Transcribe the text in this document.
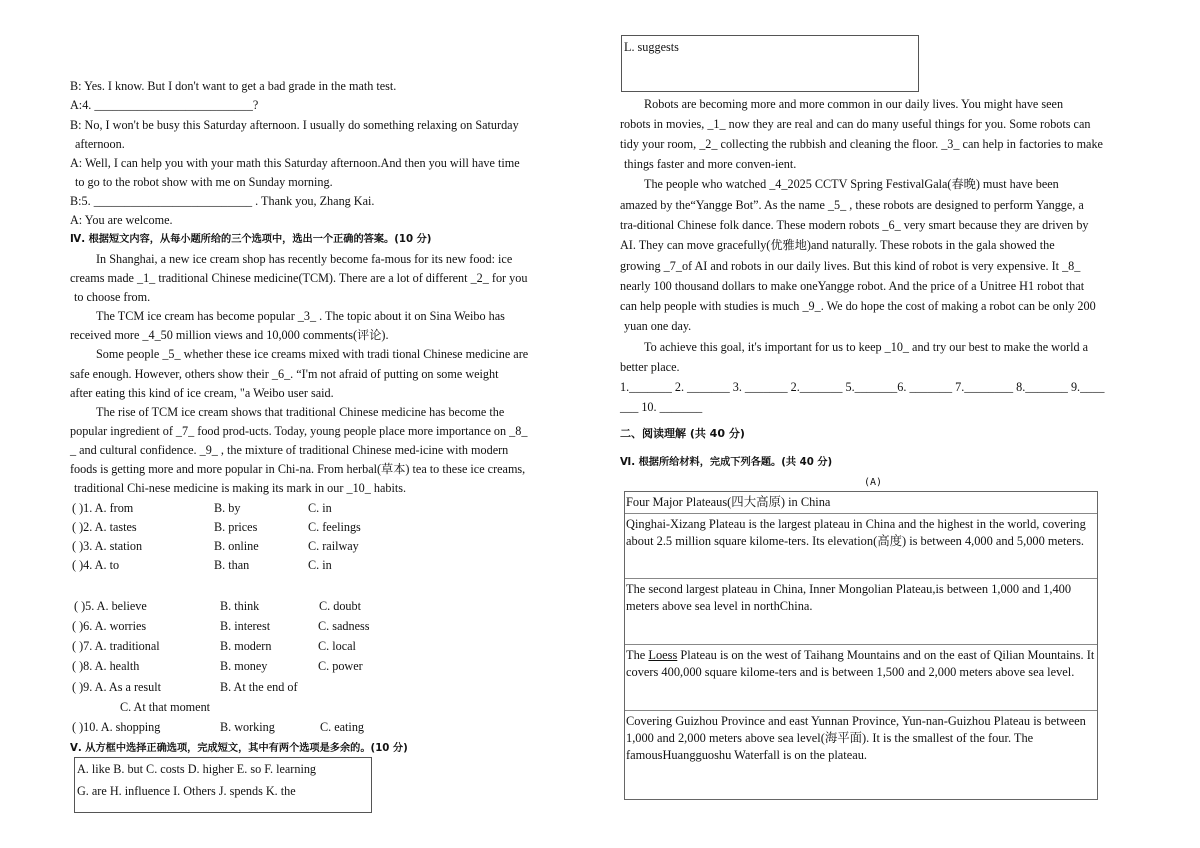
B: Yes. I know. But I don't want to get a bad grade in the math test.
A:4. __________________________?
B: No, I won't be busy this Saturday afternoon. I usually do something relaxing on Saturday
afternoon.
A: Well, I can help you with your math this Saturday afternoon.And then you will have time
to go to the robot show with me on Sunday morning.
B:5. __________________________ . Thank you, Zhang Kai.
A: You are welcome.
Ⅳ. 根据短文内容，从每小题所给的三个选项中，选出一个正确的答案。(10 分)
In Shanghai, a new ice cream shop has recently become fa-mous for its new food: ice
creams made _1_ traditional Chinese medicine(TCM). There are a lot of different _2_ for you
to choose from.
The TCM ice cream has become popular _3_ . The topic about it on Sina Weibo has
received more _4_50 million views and 10,000 comments(评论).
Some people _5_ whether these ice creams mixed with tradi tional Chinese medicine are
safe enough. However, others show their _6_. “I'm not afraid of putting on some weight
after eating this kind of ice cream, "a Weibo user said.
The rise of TCM ice cream shows that traditional Chinese medicine has become the
popular ingredient of _7_ food prod-ucts. Today, young people place more importance on _8_
_ and cultural confidence. _9_ , the mixture of traditional Chinese med-icine with modern
foods is getting more and more popular in Chi-na. From herbal(草本) tea to these ice creams,
traditional Chi-nese medicine is making its mark in our _10_ habits.
( )1. A. from	B. by	C. in
( )2. A. tastes	B. prices	C. feelings
( )3. A. station	B. online	C. railway
( )4. A. to	B. than	C. in
( )5. A. believe	B. think	C. doubt
( )6. A. worries	B. interest	C. sadness
( )7. A. traditional	B. modern	C. local
( )8. A. health	B. money	C. power
( )9. A. As a result	B. At the end of
C. At that moment
( )10. A. shopping	B. working	C. eating
Ⅴ. 从方框中选择正确选项，完成短文，其中有两个选项是多余的。(10 分)
A. like B. but C. costs D. higher E. so F. learning
G. are H. influence I. Others J. spends K. the
L. suggests
Robots are becoming more and more common in our daily lives. You might have seen
robots in movies, _1_ now they are real and can do many useful things for you. Some robots can
tidy your room, _2_ collecting the rubbish and cleaning the floor. _3_ can help in factories to make
things faster and more conven-ient.
The people who watched _4_2025 CCTV Spring FestivalGala(春晚) must have been
amazed by the“Yangge Bot”. As the name _5_ , these robots are designed to perform Yangge, a
tra-ditional Chinese folk dance. These modern robots _6_ very smart because they are driven by
AI. They can move gracefully(优雅地)and naturally. These robots in the gala showed the
growing _7_of AI and robots in our daily lives. But this kind of robot is very expensive. It _8_
nearly 100 thousand dollars to make oneYangge robot. And the price of a Unitree H1 robot that
can help people with studies is much _9_. We do hope the cost of making a robot can be only 200
yuan one day.
To achieve this goal, it's important for us to keep _10_ and try our best to make the world a
better place.
1._______ 2. _______ 3. _______ 2._______ 5._______6. _______ 7.________ 8._______ 9.____
___ 10. _______
二、阅读理解 (共 40 分)
Ⅵ. 根据所给材料，完成下列各题。(共 40 分)
(A)
Four Major Plateaus(四大高原) in China
Qinghai-Xizang Plateau is the largest plateau in China and the highest in the world, covering about 2.5 million square kilome-ters. Its elevation(高度) is between 4,000 and 5,000 meters.
The second largest plateau in China, Inner Mongolian Plateau,is between 1,000 and 1,400 meters above sea level in northChina.
The Loess Plateau is on the west of Taihang Mountains and on the east of Qilian Mountains. It covers 400,000 square kilome-ters and is between 1,500 and 2,000 meters above sea level.
Covering Guizhou Province and east Yunnan Province, Yun-nan-Guizhou Plateau is between 1,000 and 2,000 meters above sea level(海平面). It is the smallest of the four. The famousHuangguoshu Waterfall is on the plateau.
